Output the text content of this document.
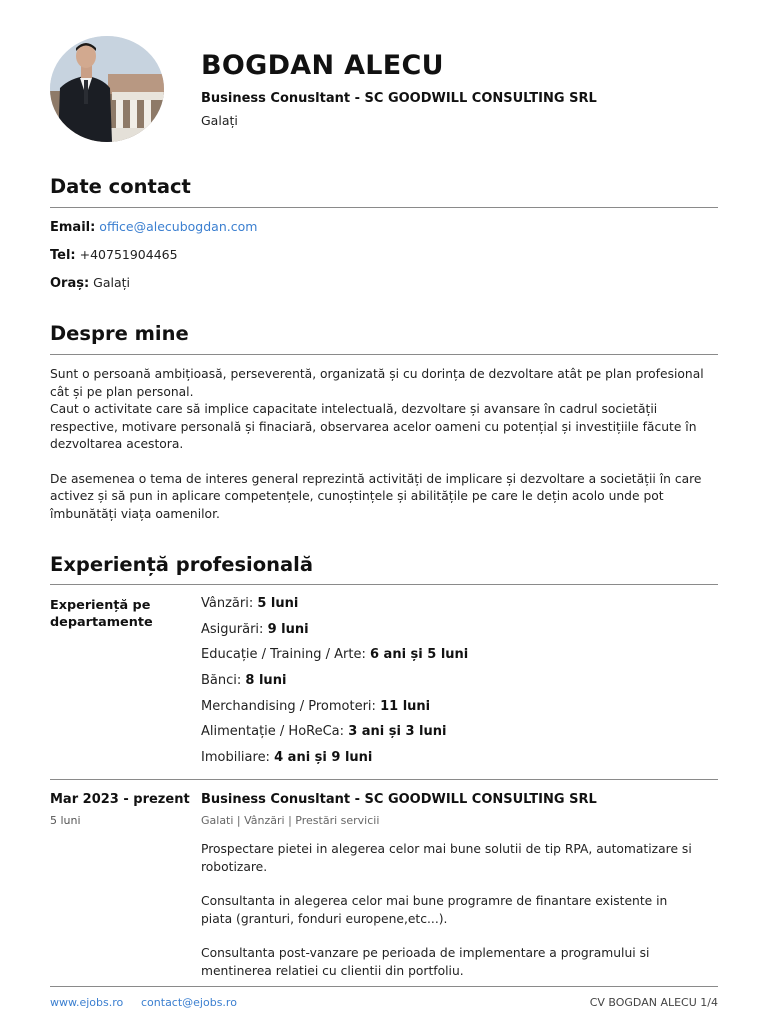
BOGDAN ALECU
Business Conusltant - SC GOODWILL CONSULTING SRL
Galați
Date contact
Email: office@alecubogdan.com
Tel: +40751904465
Oraș: Galați
Despre mine

Sunt o persoană ambițioasă, perseverentă, organizată și cu dorința de dezvoltare atât pe plan profesional cât și pe plan personal.

Caut o activitate care să implice capacitate intelectuală, dezvoltare și avansare în cadrul societății respective, motivare personală și finaciară, observarea acelor oameni cu potențial și investițiile făcute în dezvoltarea acestora.

De asemenea o tema de interes general reprezintă activități de implicare și dezvoltare a societății în care activez și să pun in aplicare competențele, cunoștințele și abilitățile pe care le dețin acolo unde pot îmbunătăți viața oamenilor.

Experiență profesională
Experiență pe departamente
Vânzări: 5 luni
Asigurări: 9 luni
Educație / Training / Arte: 6 ani și 5 luni
Bănci: 8 luni
Merchandising / Promoteri: 11 luni
Alimentație / HoReCa: 3 ani și 3 luni
Imobiliare: 4 ani și 9 luni
Mar 2023 - prezent
5 luni
Business Conusltant - SC GOODWILL CONSULTING SRL
Galati | Vânzări | Prestări servicii

Prospectare pietei in alegerea celor mai bune solutii de tip RPA, automatizare si robotizare.

Consultanta in alegerea celor mai bune programre de finantare existente in piata (granturi, fonduri europene,etc...).

Consultanta post-vanzare pe perioada de implementare a programului si mentinerea relatiei cu clientii din portfoliu.

www.ejobs.ro contact@ejobs.ro	CV BOGDAN ALECU 1/4
